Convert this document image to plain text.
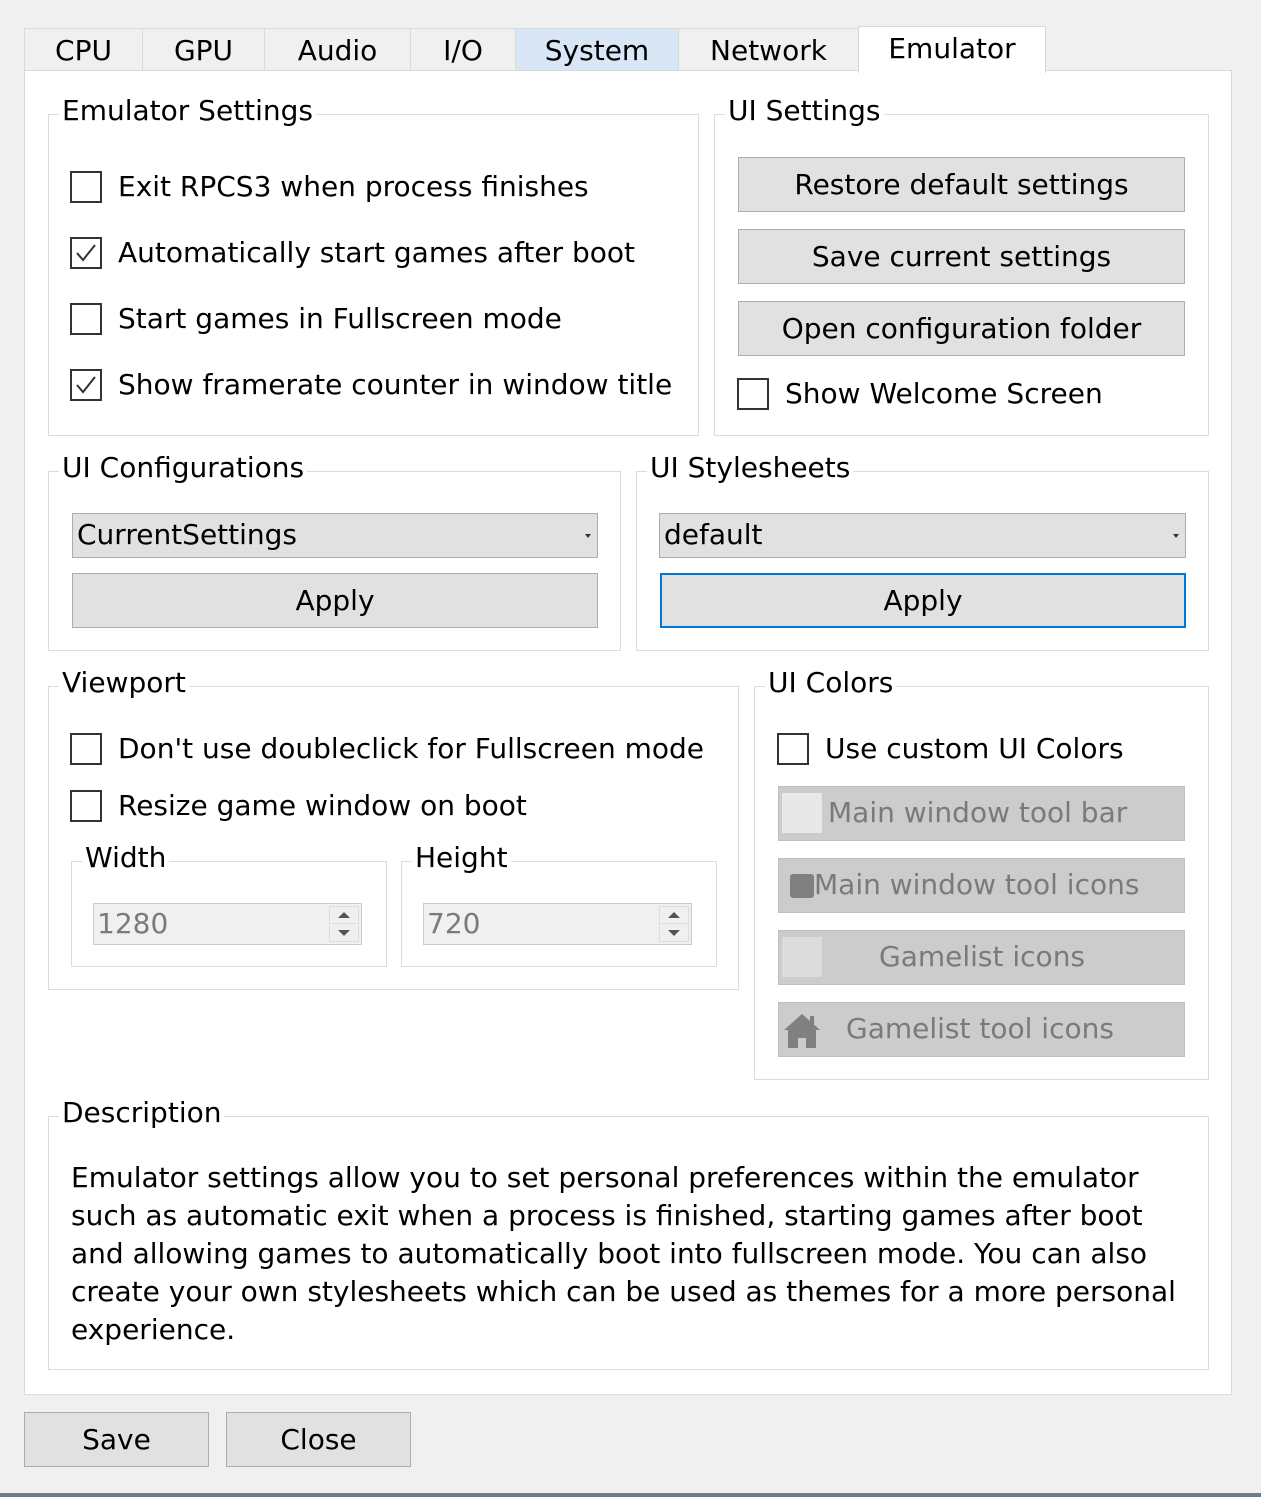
CPU	GPU	Audio	I/O	System	Network	Emulator
Emulator Settings
Exit RPCS3 when process finishes
Automatically start games after boot
Start games in Fullscreen mode
Show framerate counter in window title
UI Settings
Restore default settings
Save current settings
Open configuration folder
Show Welcome Screen
UI Configurations
CurrentSettings
Apply
UI Stylesheets
default
Apply
Viewport
Don't use doubleclick for Fullscreen mode
Resize game window on boot
Width
1280
Height
720
UI Colors
Use custom UI Colors
Main window tool bar
Main window tool icons
Gamelist icons
Gamelist tool icons
Description
Emulator settings allow you to set personal preferences within the emulator such as automatic exit when a process is finished, starting games after boot and allowing games to automatically boot into fullscreen mode. You can also create your own stylesheets which can be used as themes for a more personal experience.
Save	Close
